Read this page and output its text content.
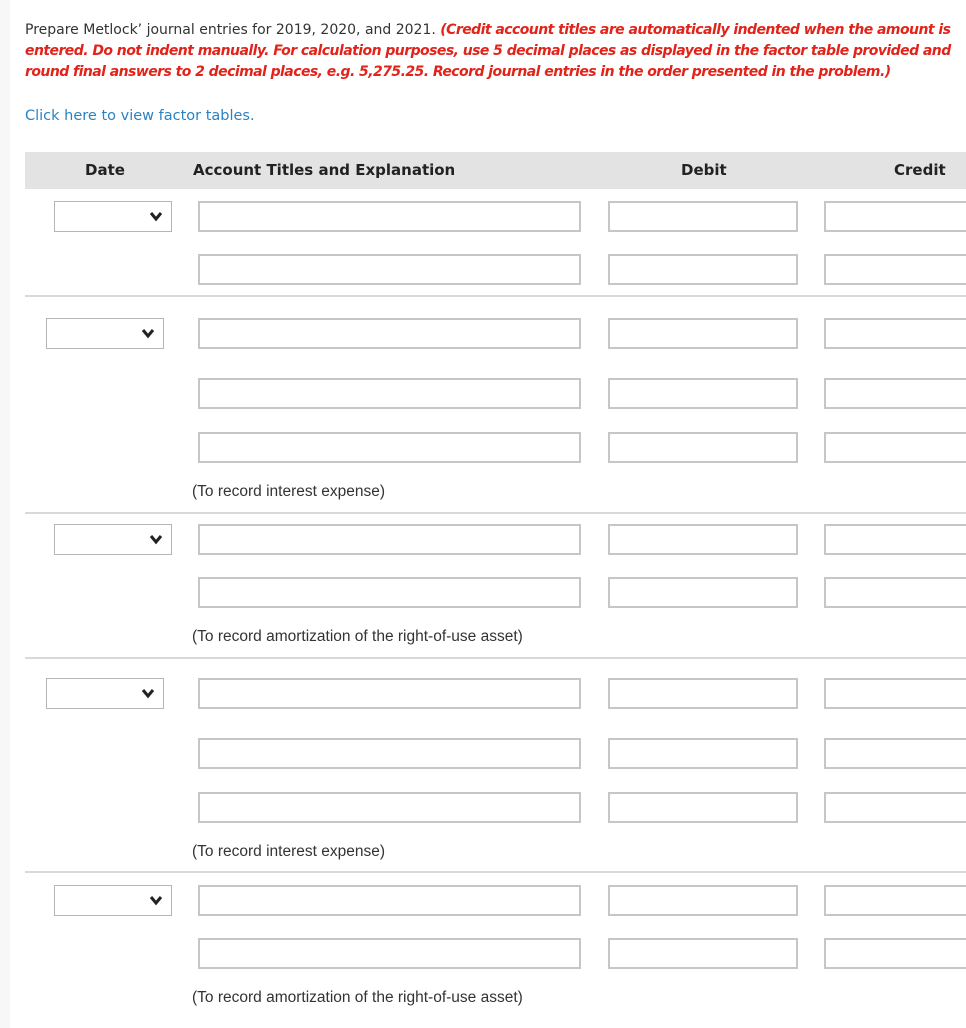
Prepare Metlock’ journal entries for 2019, 2020, and 2021. (Credit account titles are automatically indented when the amount is entered. Do not indent manually. For calculation purposes, use 5 decimal places as displayed in the factor table provided and round final answers to 2 decimal places, e.g. 5,275.25. Record journal entries in the order presented in the problem.)
Click here to view factor tables.
Date	Account Titles and Explanation	Debit	Credit
(To record interest expense)
(To record amortization of the right-of-use asset)
(To record interest expense)
(To record amortization of the right-of-use asset)
